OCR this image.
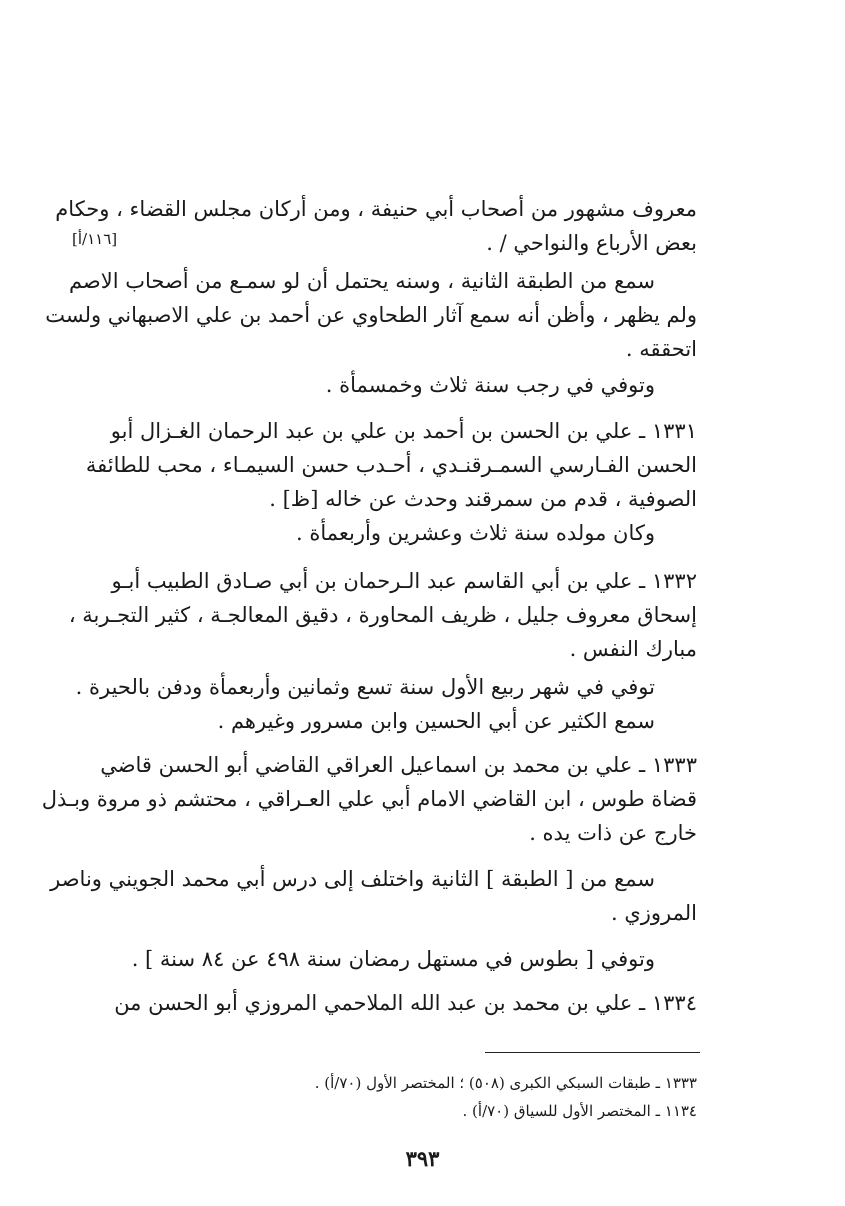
معروف مشهور من أصحاب أبي حنيفة ، ومن أركان مجلس القضاء ، وحكام
بعض الأرباع والنواحي / .
[١١٦/أ]
سمع من الطبقة الثانية ، وسنه يحتمل أن لو سمـع من أصحاب الاصم
ولم يظهر ، وأظن أنه سمع آثار الطحاوي عن أحمد بن علي الاصبهاني ولست
اتحققه .
وتوفي في رجب سنة ثلاث وخمسمأة .
١٣٣١ ـ علي بن الحسن بن أحمد بن علي بن عبد الرحمان الغـزال أبو
الحسن الفـارسي السمـرقنـدي ، أحـدب حسن السيمـاء ، محب للطائفة
الصوفية ، قدم من سمرقند وحدث عن خاله [ظ] .
وكان مولده سنة ثلاث وعشرين وأربعمأة .
١٣٣٢ ـ علي بن أبي القاسم عبد الـرحمان بن أبي صـادق الطبيب أبـو
إسحاق معروف جليل ، ظريف المحاورة ، دقيق المعالجـة ، كثير التجـربة ،
مبارك النفس .
توفي في شهر ربيع الأول سنة تسع وثمانين وأربعمأة ودفن بالحيرة .
سمع الكثير عن أبي الحسين وابن مسرور وغيرهم .
١٣٣٣ ـ علي بن محمد بن اسماعيل العراقي القاضي أبو الحسن قاضي
قضاة طوس ، ابن القاضي الامام أبي علي العـراقي ، محتشم ذو مروة وبـذل
خارج عن ذات يده .
سمع من [ الطبقة ] الثانية واختلف إلى درس أبي محمد الجويني وناصر
المروزي .
وتوفي [ بطوس في مستهل رمضان سنة ٤٩٨ عن ٨٤ سنة ] .
١٣٣٤ ـ علي بن محمد بن عبد الله الملاحمي المروزي أبو الحسن من
١٣٣٣ ـ طبقات السبكي الكبرى (٥٠٨) ؛ المختصر الأول (٧٠/أ) .
١١٣٤ ـ المختصر الأول للسياق (٧٠/أ) .
٣٩٣
